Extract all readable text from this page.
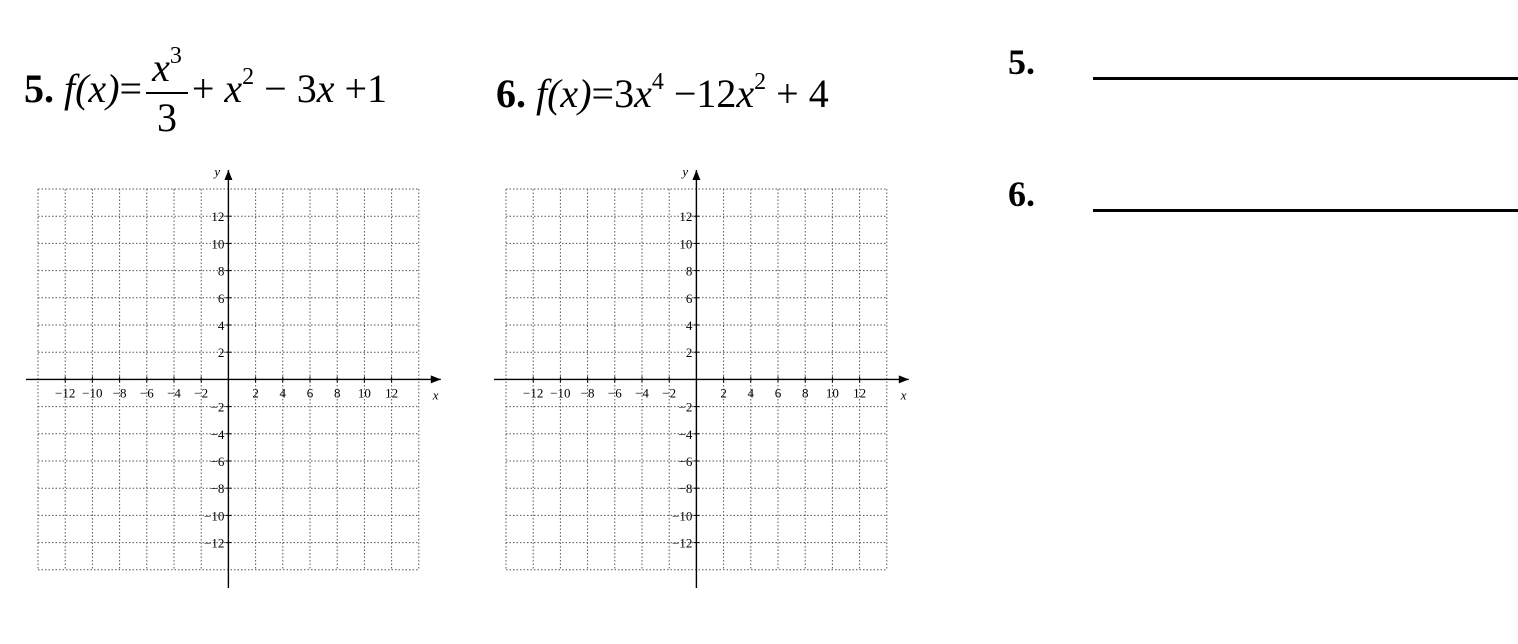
5. $f(x)= \frac{x^3}{3} + x^2 - 3x +1$	6. $f(x)=3x^4 -12x^2 + 4$
x
y
−12 −10 −8 −6 −4 −2	2 4 6 8 10 12
12
10
8
6
4
2
−2
−4
−6
−8
−10
−12
x
y
−12 −10 −8 −6 −4 −2	2 4 6 8 10 12
12
10
8
6
4
2
−2
−4
−6
−8
−10
−12
5.
6.
